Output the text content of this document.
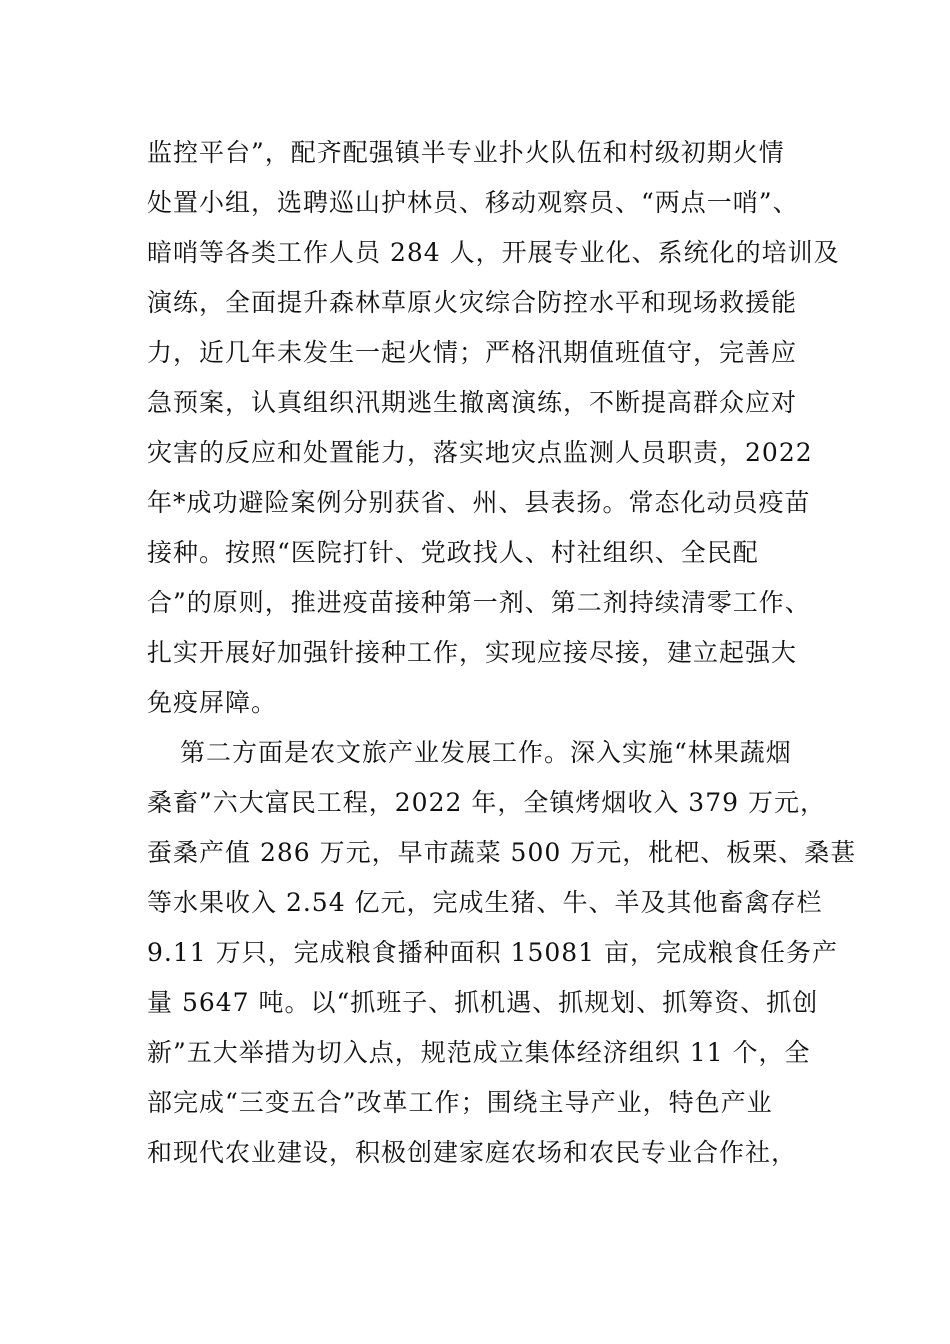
监控平台”，配齐配强镇半专业扑火队伍和村级初期火情
处置小组，选聘巡山护林员、移动观察员、“两点一哨”、
暗哨等各类工作人员 284 人，开展专业化、系统化的培训及
演练，全面提升森林草原火灾综合防控水平和现场救援能
力，近几年未发生一起火情；严格汛期值班值守，完善应
急预案，认真组织汛期逃生撤离演练，不断提高群众应对
灾害的反应和处置能力，落实地灾点监测人员职责，2022
年*成功避险案例分别获省、州、县表扬。常态化动员疫苗
接种。按照“医院打针、党政找人、村社组织、全民配
合”的原则，推进疫苗接种第一剂、第二剂持续清零工作、
扎实开展好加强针接种工作，实现应接尽接，建立起强大
免疫屏障。
第二方面是农文旅产业发展工作。深入实施“林果蔬烟
桑畜”六大富民工程，2022 年，全镇烤烟收入 379 万元，
蚕桑产值 286 万元，早市蔬菜 500 万元，枇杷、板栗、桑葚
等水果收入 2.54 亿元，完成生猪、牛、羊及其他畜禽存栏
9.11 万只，完成粮食播种面积 15081 亩，完成粮食任务产
量 5647 吨。以“抓班子、抓机遇、抓规划、抓筹资、抓创
新”五大举措为切入点，规范成立集体经济组织 11 个，全
部完成“三变五合”改革工作；围绕主导产业，特色产业
和现代农业建设，积极创建家庭农场和农民专业合作社，
